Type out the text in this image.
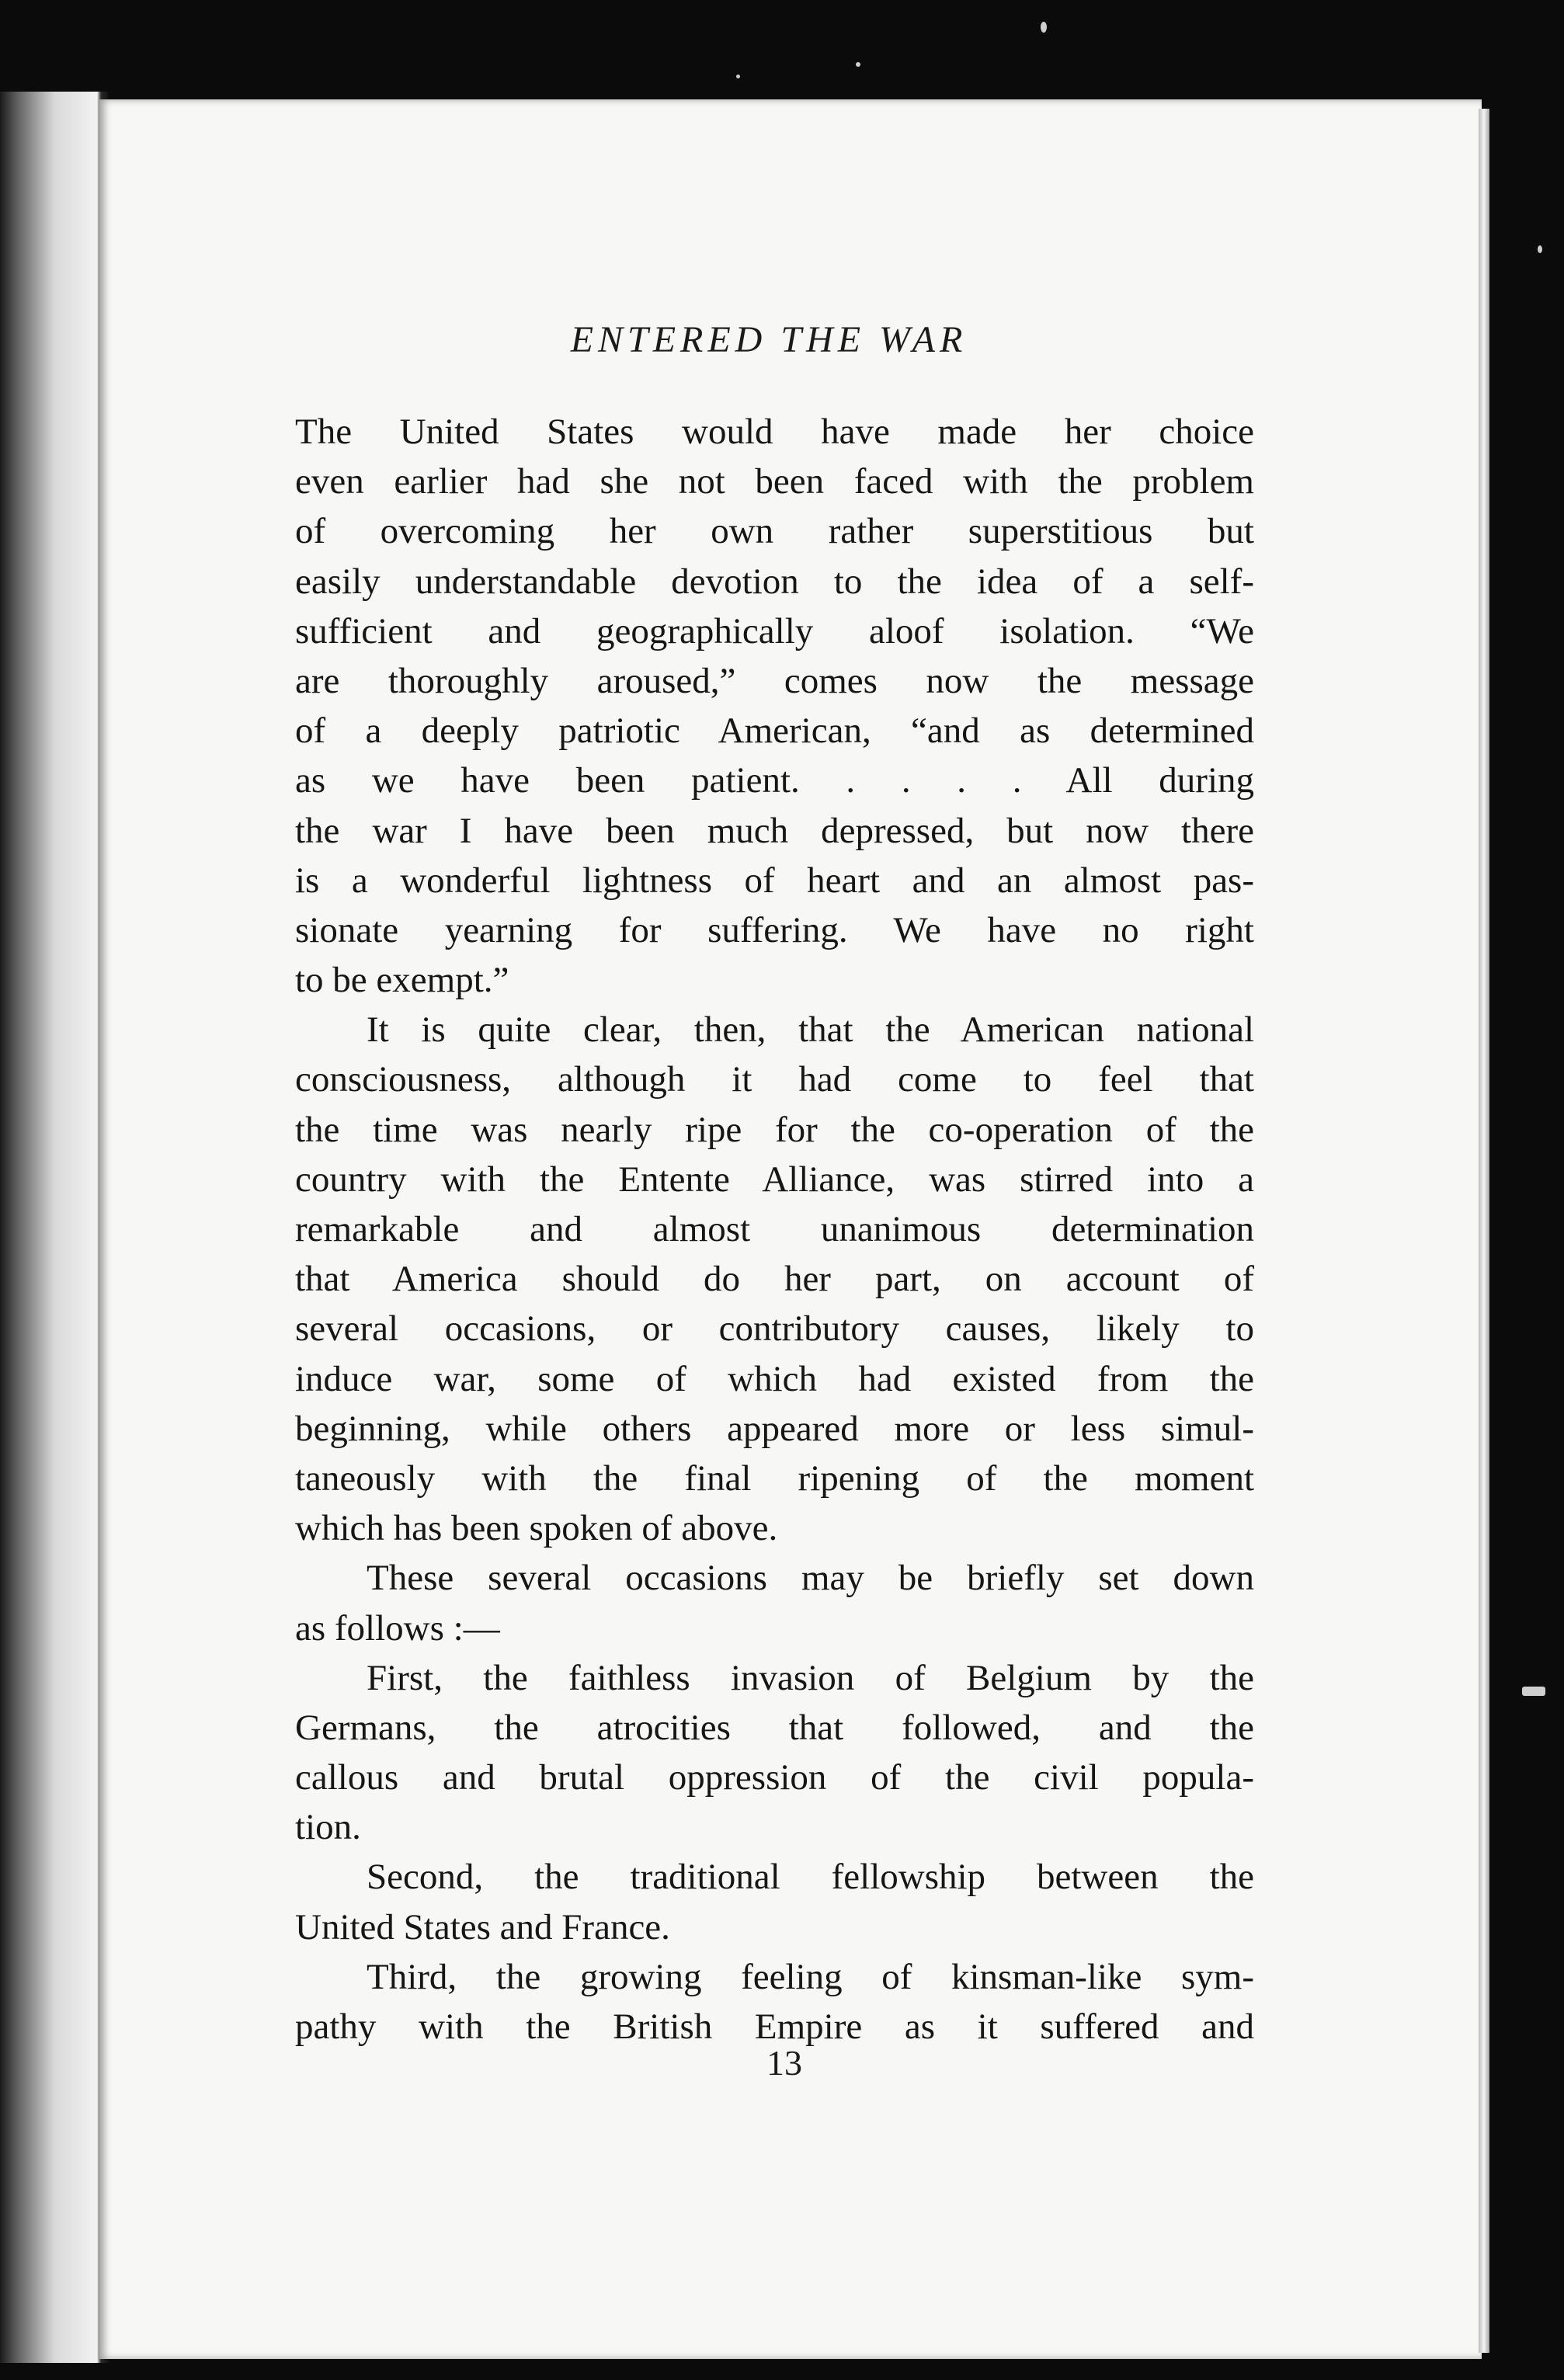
ENTERED THE WAR
The United States would have made her choice
even earlier had she not been faced with the problem
of overcoming her own rather superstitious but
easily understandable devotion to the idea of a self-
sufficient and geographically aloof isolation. “We
are thoroughly aroused,” comes now the message
of a deeply patriotic American, “and as determined
as we have been patient. . . . . All during
the war I have been much depressed, but now there
is a wonderful lightness of heart and an almost pas-
sionate yearning for suffering. We have no right
to be exempt.”
It is quite clear, then, that the American national
consciousness, although it had come to feel that
the time was nearly ripe for the co-operation of the
country with the Entente Alliance, was stirred into a
remarkable and almost unanimous determination
that America should do her part, on account of
several occasions, or contributory causes, likely to
induce war, some of which had existed from the
beginning, while others appeared more or less simul-
taneously with the final ripening of the moment
which has been spoken of above.
These several occasions may be briefly set down
as follows :—
First, the faithless invasion of Belgium by the
Germans, the atrocities that followed, and the
callous and brutal oppression of the civil popula-
tion.
Second, the traditional fellowship between the
United States and France.
Third, the growing feeling of kinsman-like sym-
pathy with the British Empire as it suffered and
13
